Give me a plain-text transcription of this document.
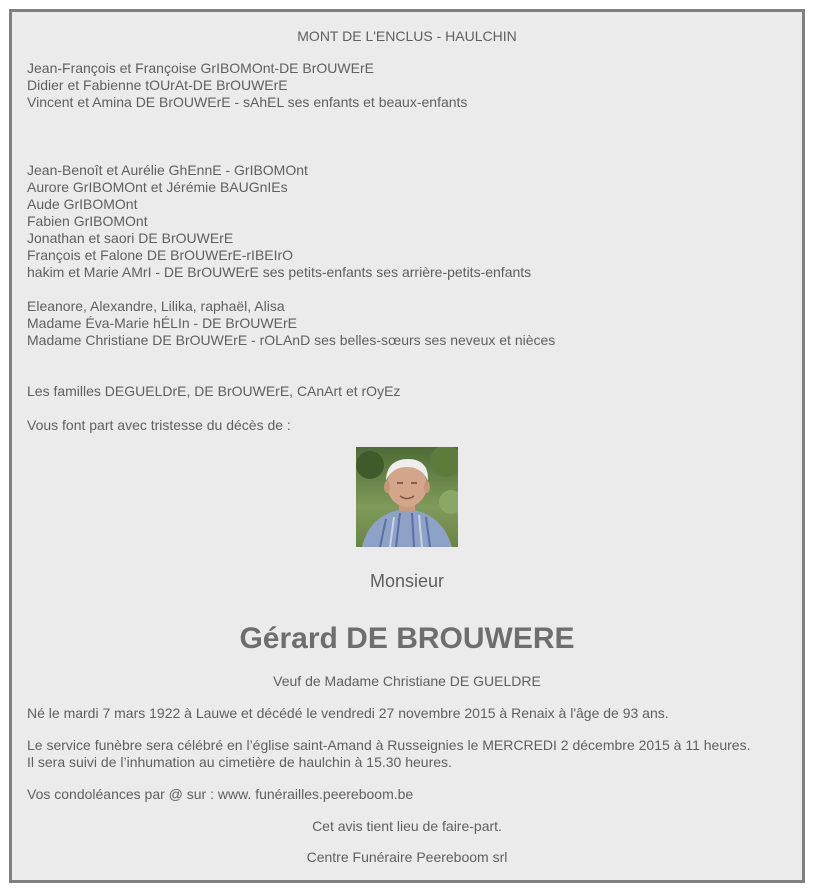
MONT DE L'ENCLUS - HAULCHIN
Jean-François et Françoise GrIBOMOnt-DE BrOUWErE
Didier et Fabienne tOUrAt-DE BrOUWErE
Vincent et Amina DE BrOUWErE - sAhEL ses enfants et beaux-enfants
Jean-Benoît et Aurélie GhEnnE - GrIBOMOnt
Aurore GrIBOMOnt et Jérémie BAUGnIEs
Aude GrIBOMOnt
Fabien GrIBOMOnt
Jonathan et saori DE BrOUWErE
François et Falone DE BrOUWErE-rIBEIrO
hakim et Marie AMrI - DE BrOUWErE ses petits-enfants ses arrière-petits-enfants
Eleanore, Alexandre, Lilika, raphaël, Alisa
Madame Éva-Marie hÉLIn - DE BrOUWErE
Madame Christiane DE BrOUWErE - rOLAnD ses belles-sœurs ses neveux et nièces
Les familles DEGUELDrE, DE BrOUWErE, CAnArt et rOyEz
Vous font part avec tristesse du décès de :
Monsieur
Gérard DE BROUWERE
Veuf de Madame Christiane DE GUELDRE
Né le mardi 7 mars 1922 à Lauwe et décédé le vendredi 27 novembre 2015 à Renaix à l'âge de 93 ans.
Le service funèbre sera célébré en l’église saint-Amand à Russeignies le MERCREDI 2 décembre 2015 à 11 heures.
Il sera suivi de l’inhumation au cimetière de haulchin à 15.30 heures.
Vos condoléances par @ sur : www. funérailles.peereboom.be
Cet avis tient lieu de faire-part.
Centre Funéraire Peereboom srl
